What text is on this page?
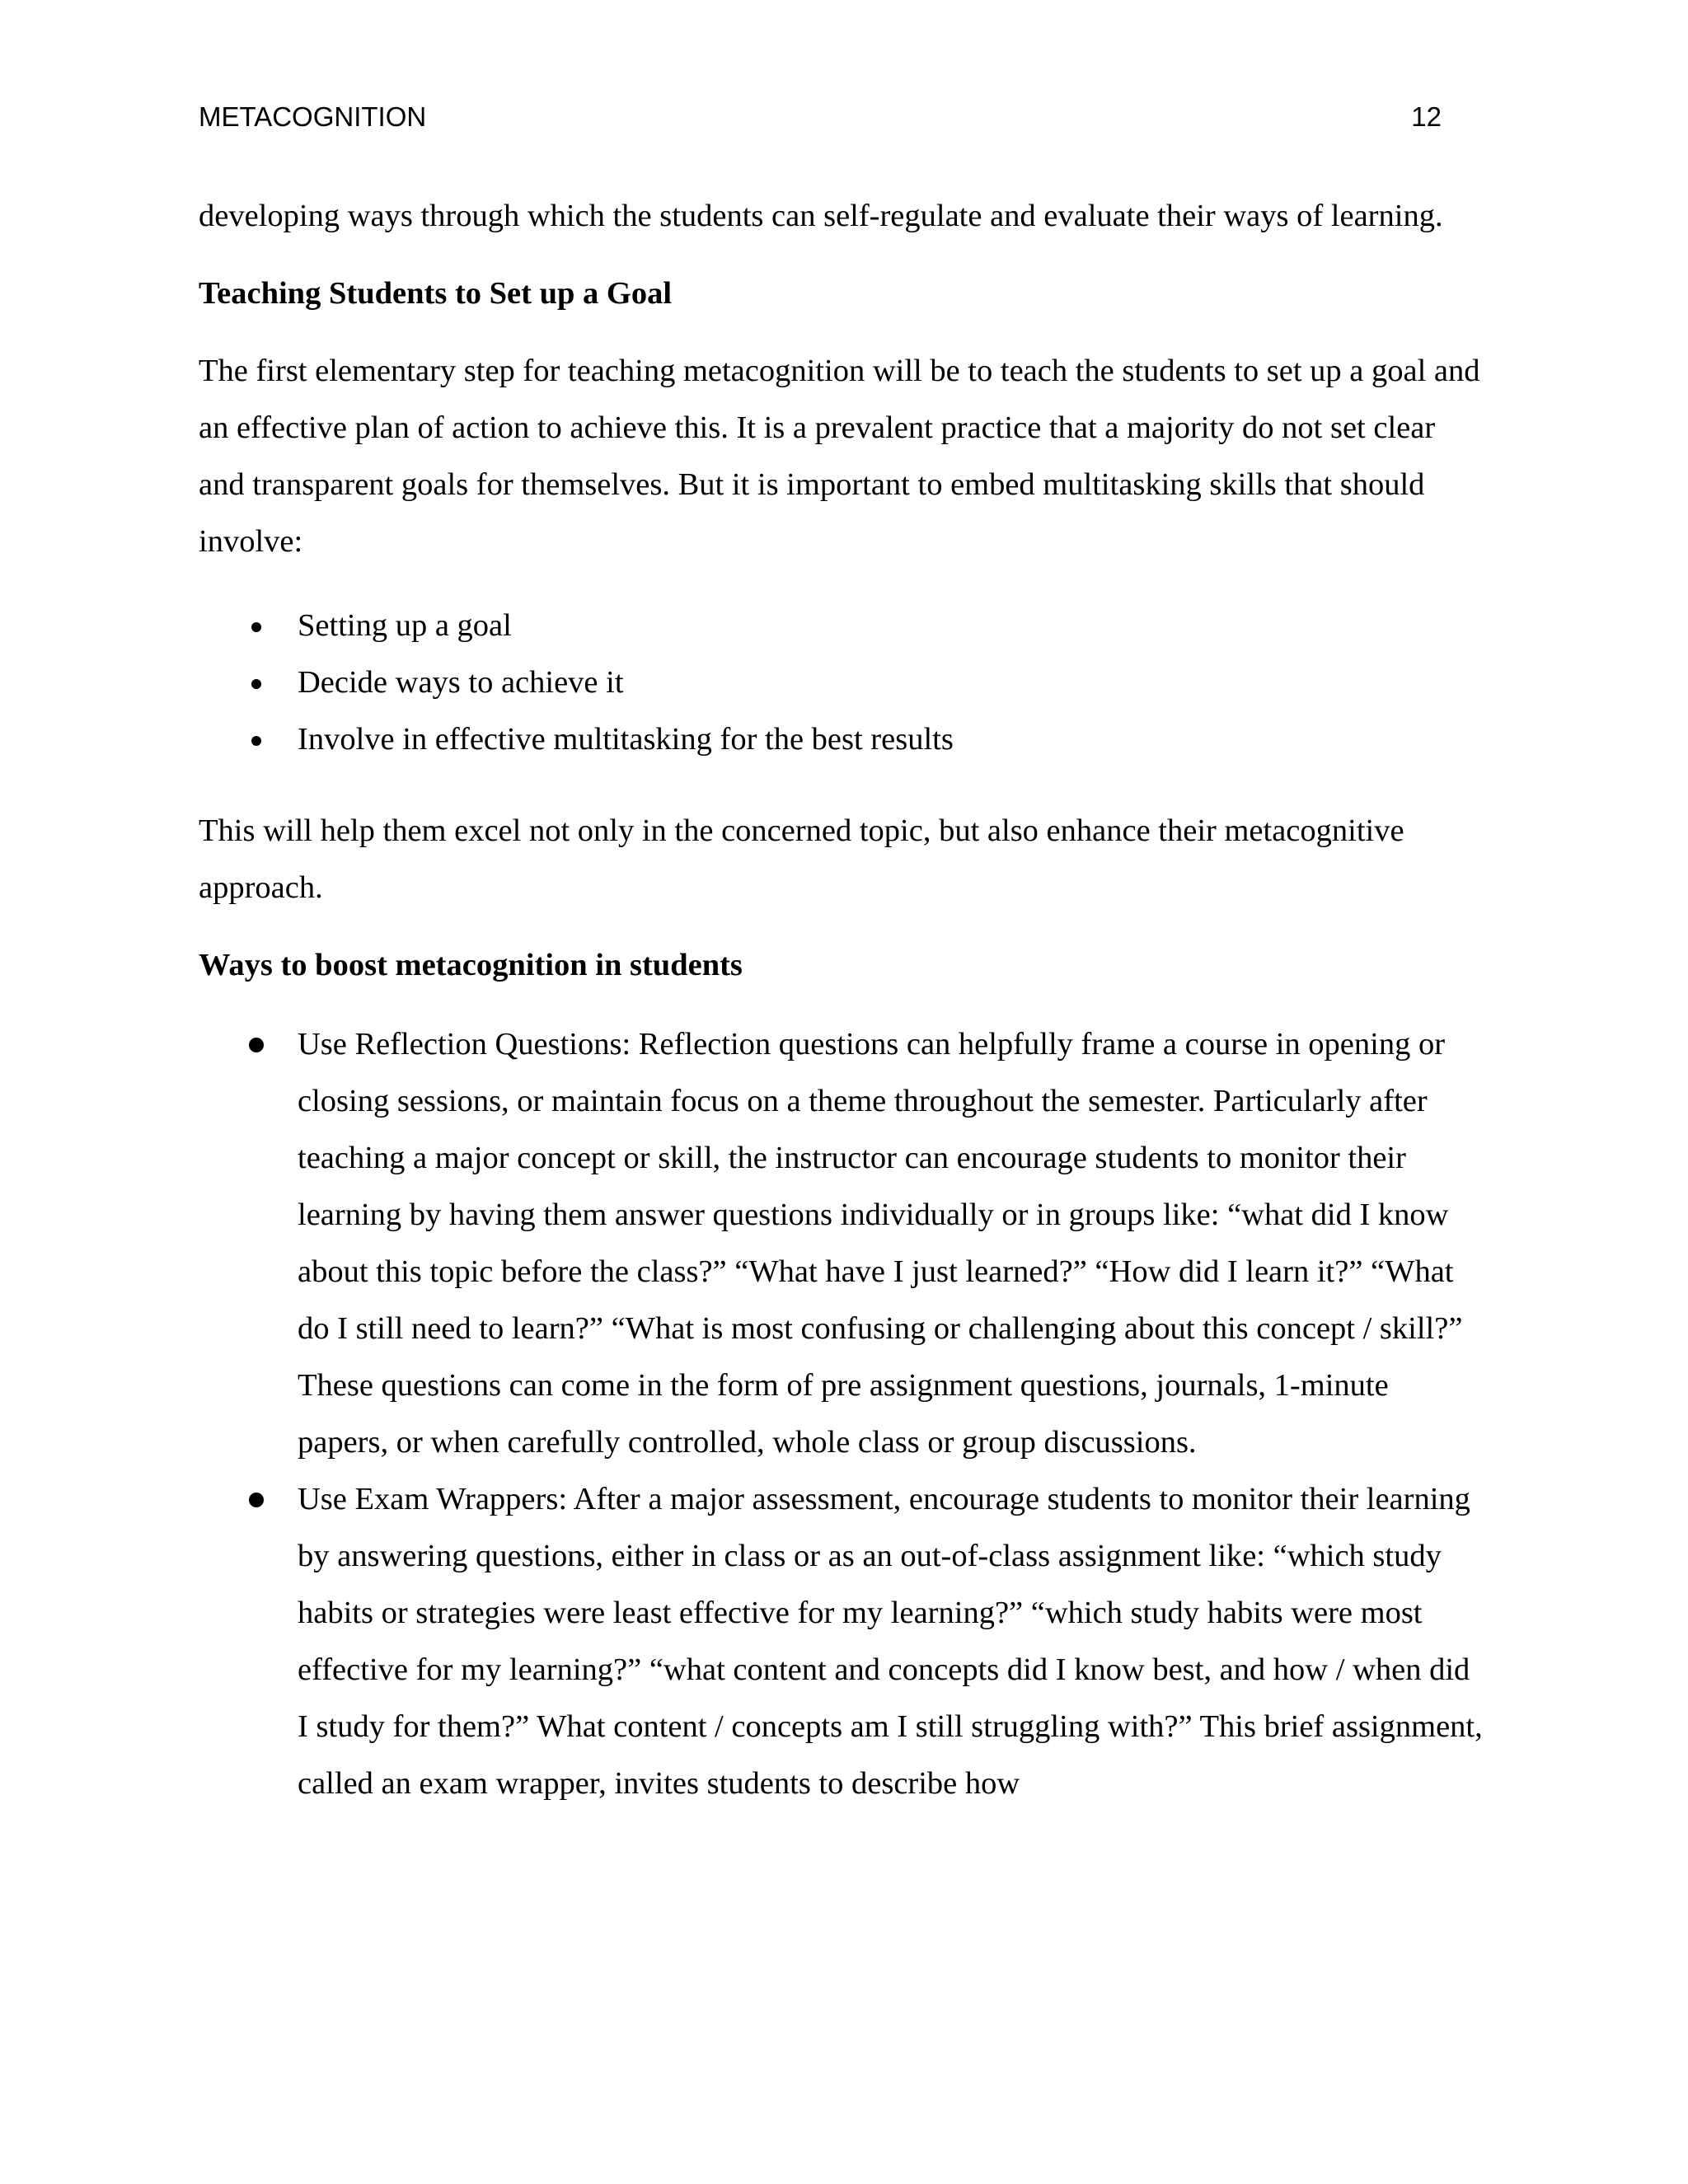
METACOGNITION	12

developing ways through which the students can self-regulate and evaluate their ways of learning.

Teaching Students to Set up a Goal

The first elementary step for teaching metacognition will be to teach the students to set up a goal and an effective plan of action to achieve this. It is a prevalent practice that a majority do not set clear and transparent goals for themselves. But it is important to embed multitasking skills that should involve:

Setting up a goal
Decide ways to achieve it
Involve in effective multitasking for the best results

This will help them excel not only in the concerned topic, but also enhance their metacognitive approach.

Ways to boost metacognition in students
Use Reflection Questions: Reflection questions can helpfully frame a course in opening or closing sessions, or maintain focus on a theme throughout the semester. Particularly after teaching a major concept or skill, the instructor can encourage students to monitor their learning by having them answer questions individually or in groups like: “what did I know about this topic before the class?” “What have I just learned?” “How did I learn it?” “What do I still need to learn?” “What is most confusing or challenging about this concept / skill?” These questions can come in the form of pre assignment questions, journals, 1-minute papers, or when carefully controlled, whole class or group discussions.
Use Exam Wrappers: After a major assessment, encourage students to monitor their learning by answering questions, either in class or as an out-of-class assignment like: “which study habits or strategies were least effective for my learning?” “which study habits were most effective for my learning?” “what content and concepts did I know best, and how / when did I study for them?” What content / concepts am I still struggling with?” This brief assignment, called an exam wrapper, invites students to describe how
